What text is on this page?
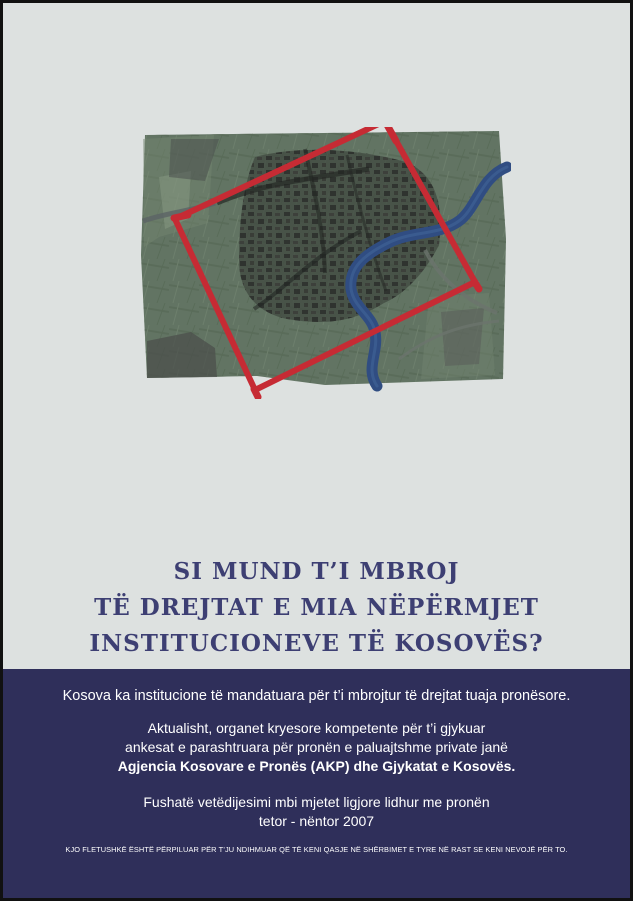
SI MUND T’I MBROJ
TË DREJTAT E MIA NËPËRMJET
INSTITUCIONEVE TË KOSOVËS?

Kosova ka institucione të mandatuara për t’i mbrojtur të drejtat tuaja pronësore.

Aktualisht, organet kryesore kompetente për t’i gjykuar
ankesat e parashtruara për pronën e paluajtshme private janë
Agjencia Kosovare e Pronës (AKP) dhe Gjykatat e Kosovës.

Fushatë vetëdijesimi mbi mjetet ligjore lidhur me pronën
tetor - nëntor 2007

KJO FLETUSHKË ËSHTË PËRPILUAR PËR T’JU NDIHMUAR QË TË KENI QASJE NË SHËRBIMET E TYRE NË RAST SE KENI NEVOJË PËR TO.
